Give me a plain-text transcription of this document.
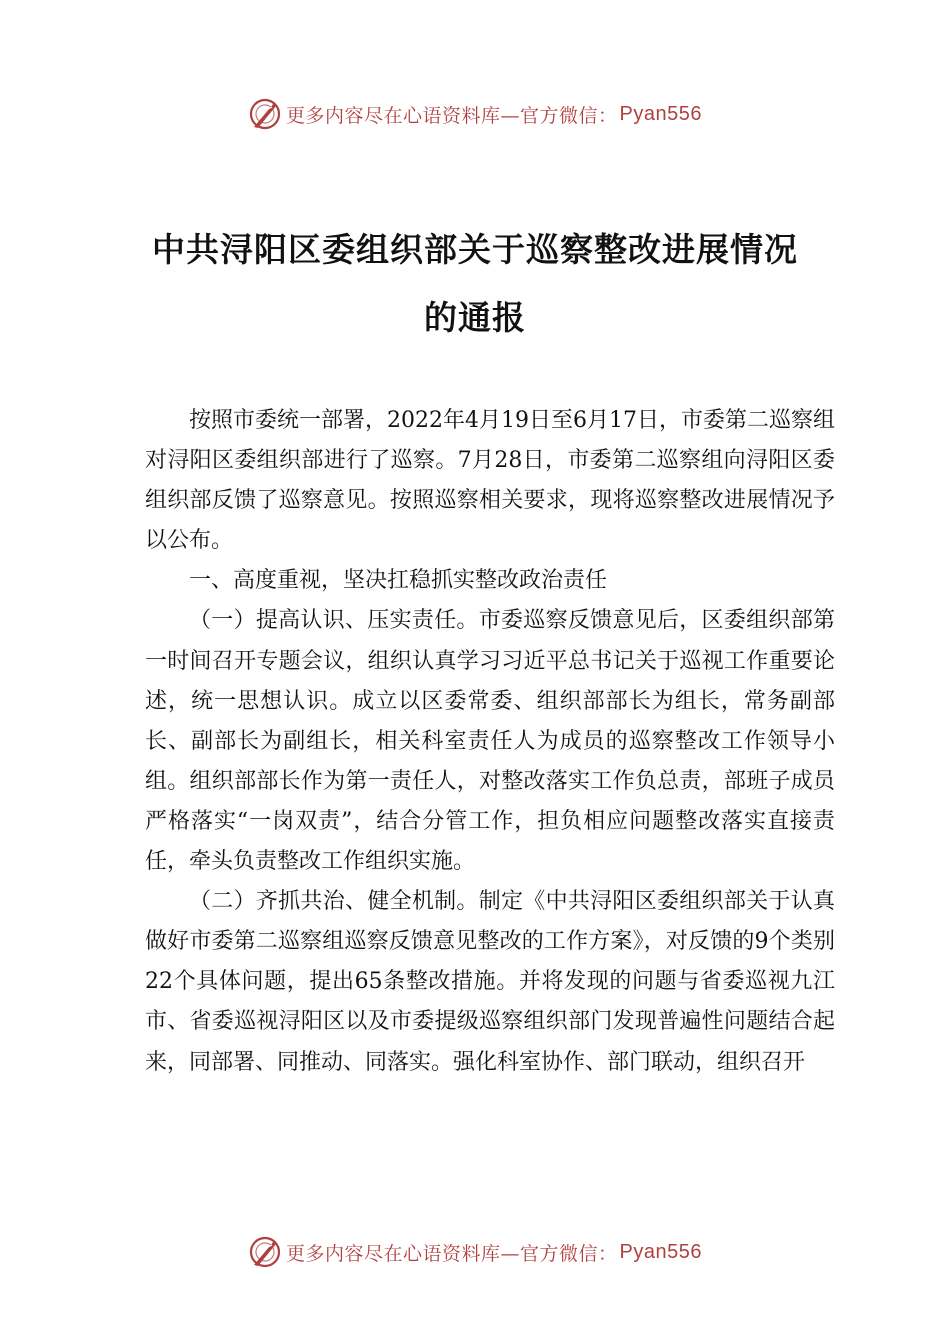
更多内容尽在心语资料库—官方微信： Pyan556
中共浔阳区委组织部关于巡察整改进展情况的通报

按照市委统一部署，2022年4月19日至6月17日，市委第二巡察组对浔阳区委组织部进行了巡察。7月28日，市委第二巡察组向浔阳区委组织部反馈了巡察意见。按照巡察相关要求，现将巡察整改进展情况予以公布。

一、高度重视，坚决扛稳抓实整改政治责任

（一）提高认识、压实责任。市委巡察反馈意见后，区委组织部第一时间召开专题会议，组织认真学习习近平总书记关于巡视工作重要论述，统一思想认识。成立以区委常委、组织部部长为组长，常务副部长、副部长为副组长，相关科室责任人为成员的巡察整改工作领导小组。组织部部长作为第一责任人，对整改落实工作负总责，部班子成员严格落实“一岗双责”，结合分管工作，担负相应问题整改落实直接责任，牵头负责整改工作组织实施。

（二）齐抓共治、健全机制。制定《中共浔阳区委组织部关于认真做好市委第二巡察组巡察反馈意见整改的工作方案》，对反馈的9个类别22个具体问题，提出65条整改措施。并将发现的问题与省委巡视九江市、省委巡视浔阳区以及市委提级巡察组织部门发现普遍性问题结合起来，同部署、同推动、同落实。强化科室协作、部门联动，组织召开

更多内容尽在心语资料库—官方微信： Pyan556
